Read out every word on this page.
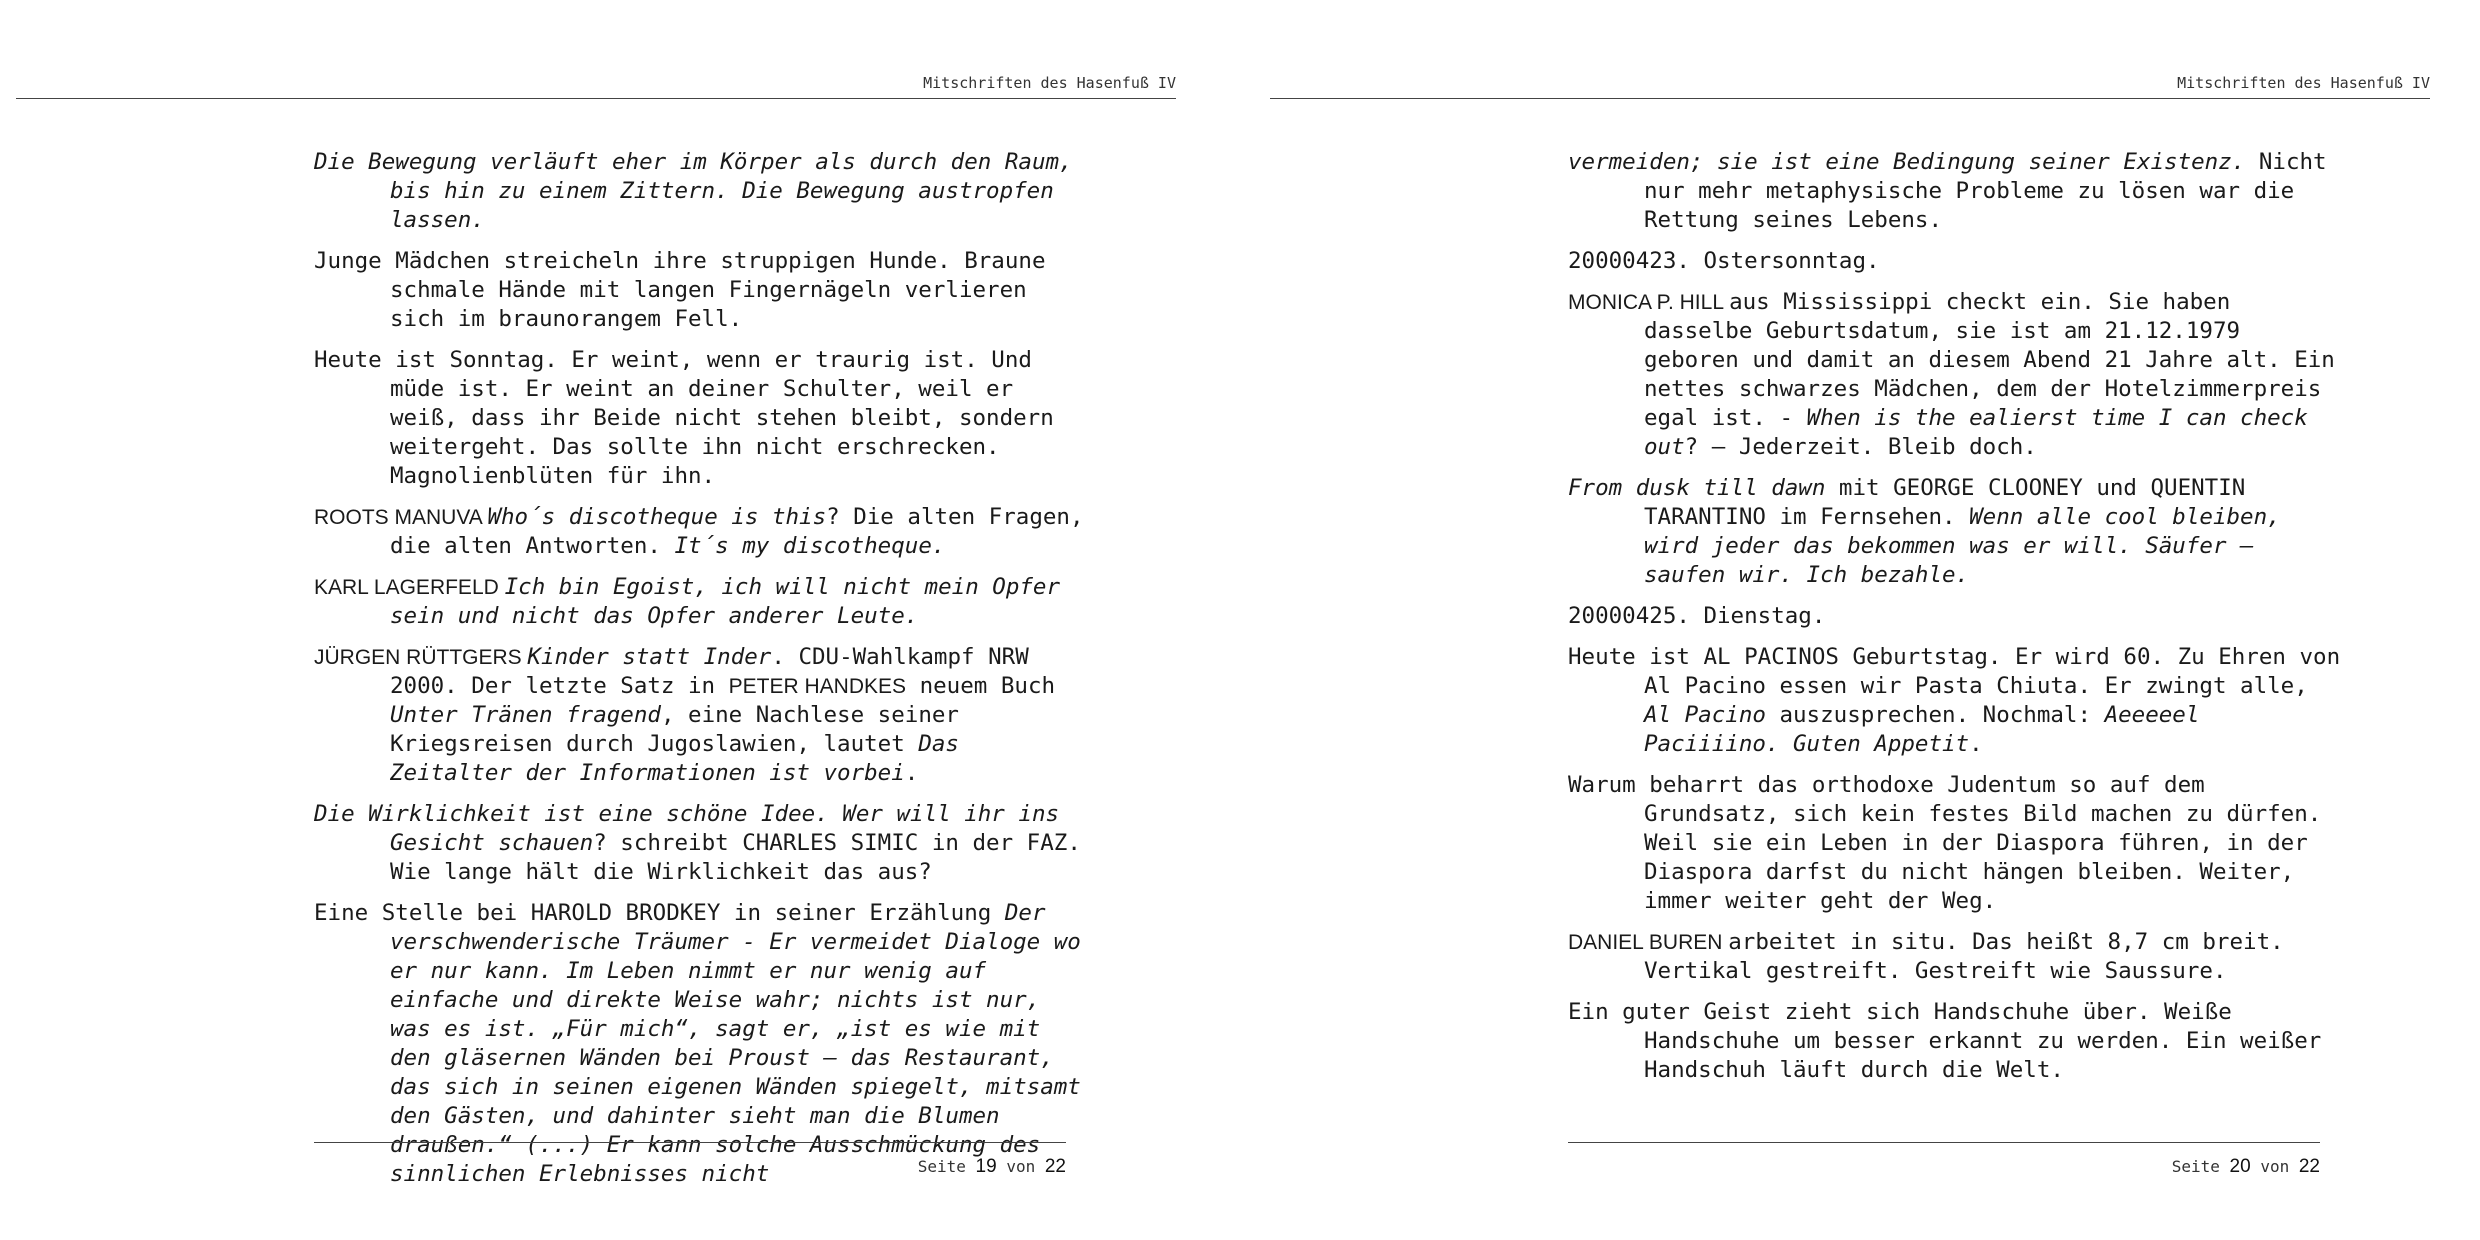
Mitschriften des Hasenfuß IV

Die Bewegung verläuft eher im Körper als durch den Raum, bis hin zu einem Zittern. Die Bewegung austropfen lassen.

Junge Mädchen streicheln ihre struppigen Hunde. Braune schmale Hände mit langen Fingernägeln verlieren sich im braunorangem Fell.

Heute ist Sonntag. Er weint, wenn er traurig ist. Und müde ist. Er weint an deiner Schulter, weil er weiß, dass ihr Beide nicht stehen bleibt, sondern weitergeht. Das sollte ihn nicht erschrecken. Magnolienblüten für ihn.

ROOTS MANUVA Who´s discotheque is this? Die alten Fragen, die alten Antworten. It´s my discotheque.

KARL LAGERFELD Ich bin Egoist, ich will nicht mein Opfer sein und nicht das Opfer anderer Leute.

JÜRGEN RÜTTGERS Kinder statt Inder. CDU-Wahlkampf NRW 2000. Der letzte Satz in PETER HANDKES neuem Buch Unter Tränen fragend, eine Nachlese seiner Kriegsreisen durch Jugoslawien, lautet Das Zeitalter der Informationen ist vorbei.

Die Wirklichkeit ist eine schöne Idee. Wer will ihr ins Gesicht schauen? schreibt CHARLES SIMIC in der FAZ. Wie lange hält die Wirklichkeit das aus?

Eine Stelle bei HAROLD BRODKEY in seiner Erzählung Der verschwenderische Träumer - Er vermeidet Dialoge wo er nur kann. Im Leben nimmt er nur wenig auf einfache und direkte Weise wahr; nichts ist nur, was es ist. „Für mich“, sagt er, „ist es wie mit den gläsernen Wänden bei Proust – das Restaurant, das sich in seinen eigenen Wänden spiegelt, mitsamt den Gästen, und dahinter sieht man die Blumen draußen.“ (...) Er kann solche Ausschmückung des sinnlichen Erlebnisses nicht	Seite 19 von 22
Mitschriften des Hasenfuß IV

vermeiden; sie ist eine Bedingung seiner Existenz. Nicht nur mehr metaphysische Probleme zu lösen war die Rettung seines Lebens.

20000423. Ostersonntag.

MONICA P. HILL aus Mississippi checkt ein. Sie haben dasselbe Geburtsdatum, sie ist am 21.12.1979 geboren und damit an diesem Abend 21 Jahre alt. Ein nettes schwarzes Mädchen, dem der Hotelzimmerpreis egal ist. - When is the ealierst time I can check out? – Jederzeit. Bleib doch.

From dusk till dawn mit GEORGE CLOONEY und QUENTIN TARANTINO im Fernsehen. Wenn alle cool bleiben, wird jeder das bekommen was er will. Säufer – saufen wir. Ich bezahle.

20000425. Dienstag.

Heute ist AL PACINOS Geburtstag. Er wird 60. Zu Ehren von Al Pacino essen wir Pasta Chiuta. Er zwingt alle, Al Pacino auszusprechen. Nochmal: Aeeeeel Paciiiino. Guten Appetit.

Warum beharrt das orthodoxe Judentum so auf dem Grundsatz, sich kein festes Bild machen zu dürfen. Weil sie ein Leben in der Diaspora führen, in der Diaspora darfst du nicht hängen bleiben. Weiter, immer weiter geht der Weg.

DANIEL BUREN arbeitet in situ. Das heißt 8,7 cm breit. Vertikal gestreift. Gestreift wie Saussure.

Ein guter Geist zieht sich Handschuhe über. Weiße Handschuhe um besser erkannt zu werden. Ein weißer Handschuh läuft durch die Welt.

Seite 20 von 22
